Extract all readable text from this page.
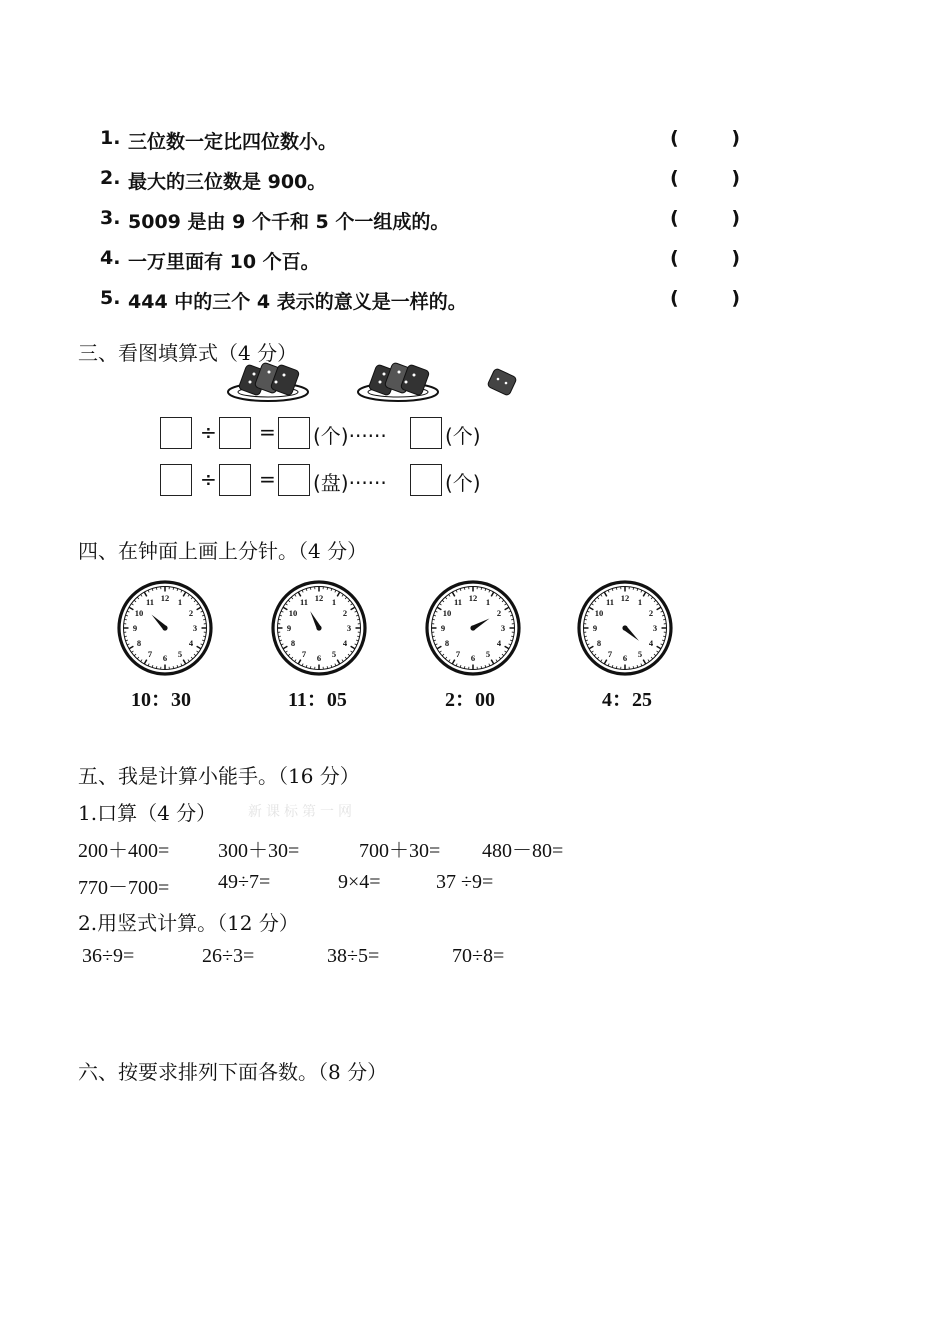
1. 三位数一定比四位数小。	(	)
2. 最大的三位数是 900。	(	)
3. 5009 是由 9 个千和 5 个一组成的。	(	)
4. 一万里面有 10 个百。	(	)
5. 444 中的三个 4 表示的意义是一样的。	(	)
三、看图填算式（4 分）
÷ = (个)······	(个)
÷ = (盘)······	(个)
四、在钟面上画上分针。（4 分）
12 1
2
3
4
5
6
7
8
9
10
11	12 1
2
3
4
5
6
7
8
9
10
11	12 1
2
3
4
5
6
7
8
9
10
11	12 1
2
3
4
5
6
7
8
9
10
11
10：30	11：05	2：00	4：25
五、我是计算小能手。（16 分）
1.口算（4 分） 新课标第一网
200＋400= 300＋30=	700＋30= 480－80=
770－700= 49÷7=	9×4=	37 ÷9=
2.用竖式计算。（12 分）
36÷9=	26÷3=	38÷5=	70÷8=
六、按要求排列下面各数。（8 分）
